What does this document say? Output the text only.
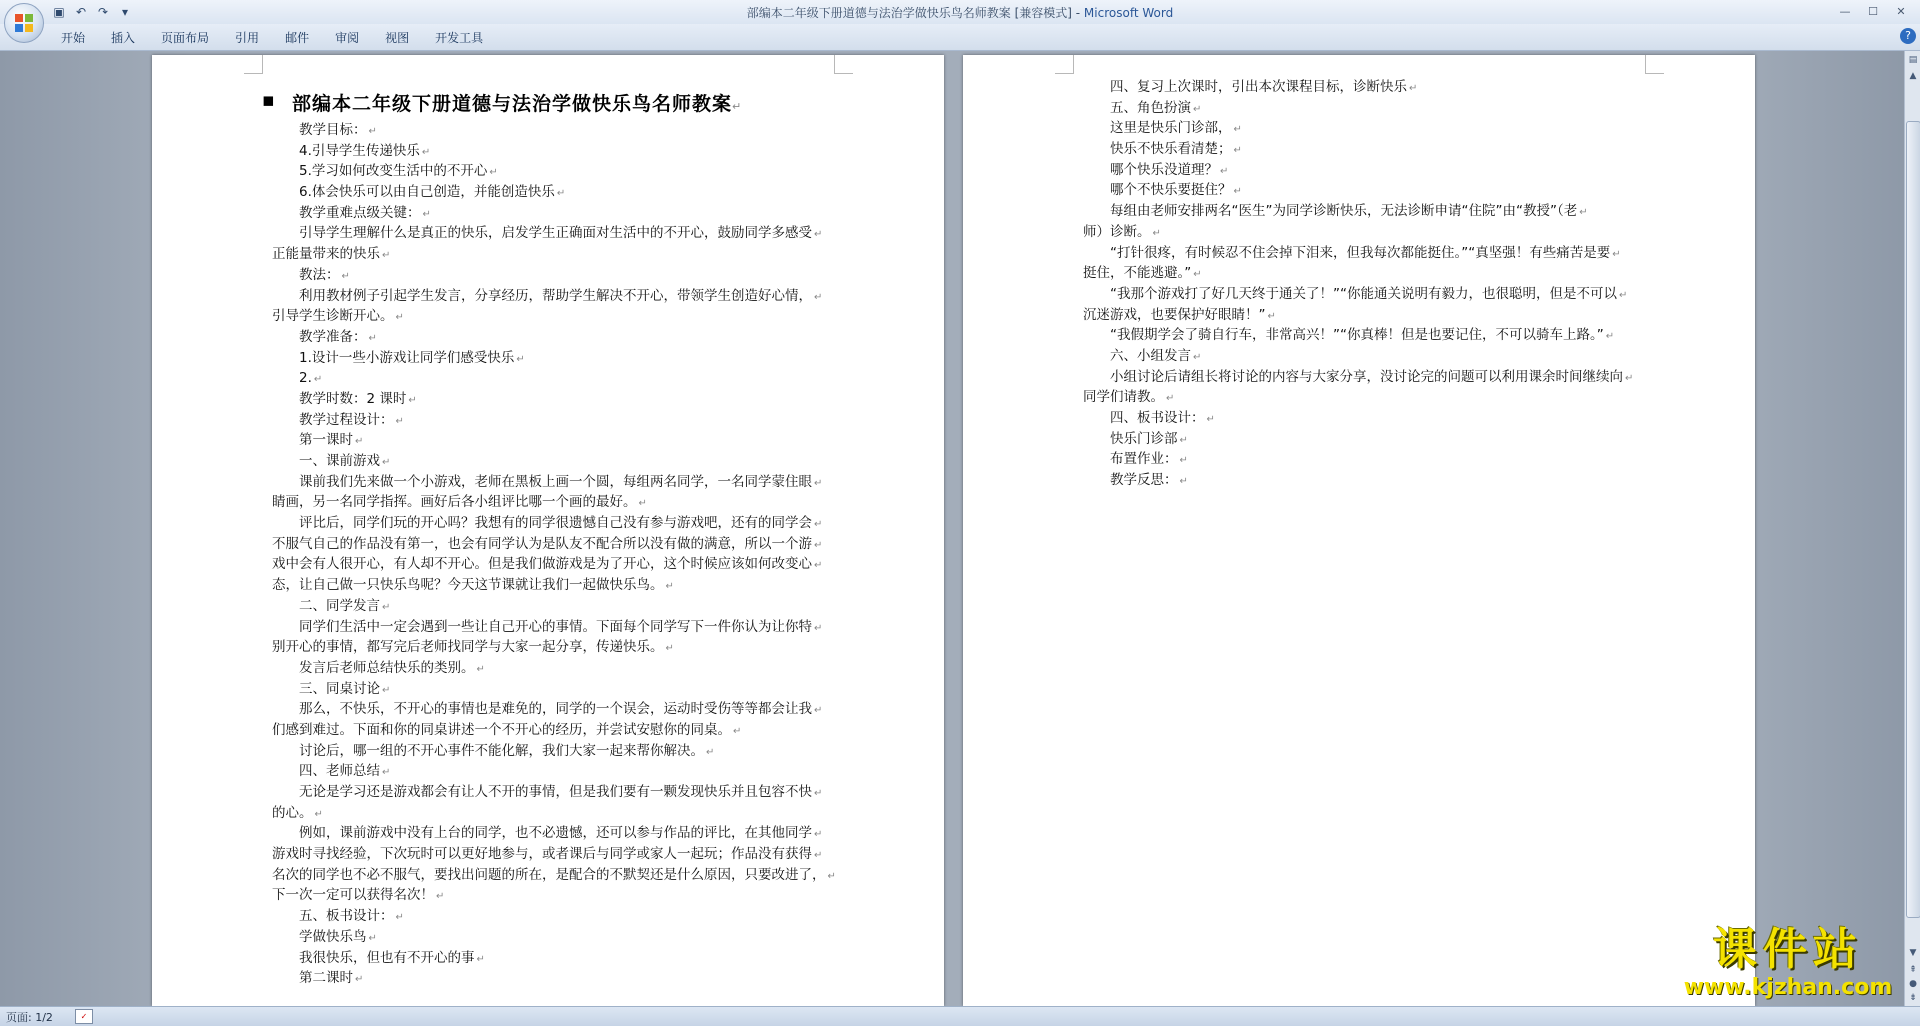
▣ ↶ ↷	▾	部编本二年级下册道德与法治学做快乐鸟名师教案 [兼容模式] - Microsoft Word	—	☐	✕
开始	插入	页面布局	引用	邮件	审阅	视图	开发工具	?
▪ 部编本二年级下册道德与法治学做快乐鸟名师教案↵
教学目标： ↵
4.引导学生传递快乐 ↵
5.学习如何改变生活中的不开心 ↵
6.体会快乐可以由自己创造，并能创造快乐 ↵
教学重难点级关键： ↵
引导学生理解什么是真正的快乐，启发学生正确面对生活中的不开心，鼓励同学多感受 ↵
正能量带来的快乐 ↵
教法： ↵
利用教材例子引起学生发言，分享经历，帮助学生解决不开心，带领学生创造好心情， ↵
引导学生诊断开心。 ↵
教学准备： ↵
1.设计一些小游戏让同学们感受快乐 ↵
2. ↵
教学时数：2 课时 ↵
教学过程设计： ↵
第一课时 ↵
一、课前游戏 ↵
课前我们先来做一个小游戏，老师在黑板上画一个圆，每组两名同学，一名同学蒙住眼 ↵
睛画，另一名同学指挥。画好后各小组评比哪一个画的最好。 ↵
评比后，同学们玩的开心吗？我想有的同学很遗憾自己没有参与游戏吧，还有的同学会 ↵
不服气自己的作品没有第一，也会有同学认为是队友不配合所以没有做的满意，所以一个游 ↵
戏中会有人很开心，有人却不开心。但是我们做游戏是为了开心，这个时候应该如何改变心 ↵
态，让自己做一只快乐鸟呢？今天这节课就让我们一起做快乐鸟。 ↵
二、同学发言 ↵
同学们生活中一定会遇到一些让自己开心的事情。下面每个同学写下一件你认为让你特 ↵
别开心的事情，都写完后老师找同学与大家一起分享，传递快乐。 ↵
发言后老师总结快乐的类别。 ↵
三、同桌讨论 ↵
那么，不快乐，不开心的事情也是难免的，同学的一个误会，运动时受伤等等都会让我 ↵
们感到难过。下面和你的同桌讲述一个不开心的经历，并尝试安慰你的同桌。 ↵
讨论后，哪一组的不开心事件不能化解，我们大家一起来帮你解决。 ↵
四、老师总结 ↵
无论是学习还是游戏都会有让人不开的事情，但是我们要有一颗发现快乐并且包容不快 ↵
的心。 ↵
例如，课前游戏中没有上台的同学，也不必遗憾，还可以参与作品的评比，在其他同学 ↵
游戏时寻找经验，下次玩时可以更好地参与，或者课后与同学或家人一起玩；作品没有获得 ↵
名次的同学也不必不服气，要找出问题的所在，是配合的不默契还是什么原因，只要改进了， ↵
下一次一定可以获得名次！ ↵
五、板书设计： ↵
学做快乐鸟 ↵
我很快乐，但也有不开心的事 ↵
第二课时 ↵
四、复习上次课时，引出本次课程目标，诊断快乐 ↵
五、角色扮演 ↵
这里是快乐门诊部， ↵
快乐不快乐看清楚； ↵
哪个快乐没道理？ ↵
哪个不快乐要挺住？ ↵
每组由老师安排两名“医生”为同学诊断快乐，无法诊断申请“住院”由“教授”（老 ↵
师）诊断。 ↵
“打针很疼，有时候忍不住会掉下泪来，但我每次都能挺住。”“真坚强！有些痛苦是要 ↵
挺住，不能逃避。” ↵
“我那个游戏打了好几天终于通关了！”“你能通关说明有毅力，也很聪明，但是不可以 ↵
沉迷游戏，也要保护好眼睛！” ↵
“我假期学会了骑自行车，非常高兴！”“你真棒！但是也要记住，不可以骑车上路。” ↵
六、小组发言 ↵
小组讨论后请组长将讨论的内容与大家分享，没讨论完的问题可以利用课余时间继续向 ↵
同学们请教。 ↵
四、板书设计： ↵
快乐门诊部 ↵
布置作业： ↵
教学反思： ↵
▤
▲
▼
⇞
●
⇟
页面: 1/2	✓
课件站
www.kjzhan.com
